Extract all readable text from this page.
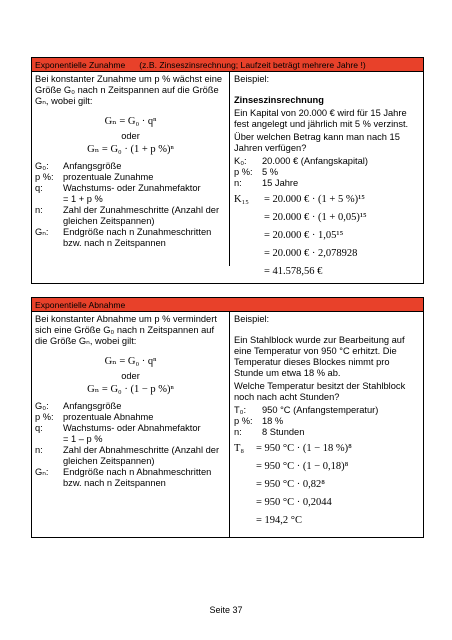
Exponentielle Zunahme (z.B. Zinseszinsrechnung; Laufzeit beträgt mehrere Jahre !)

Bei konstanter Zunahme um p % wächst eine Größe G₀ nach n Zeitspannen auf die Größe Gₙ, wobei gilt:

Gₙ = G₀ · qⁿ
oder
Gₙ = G₀ · (1 + p %)ⁿ
G₀:	Anfangsgröße
p %:	prozentuale Zunahme
q:	Wachstums- oder Zunahmefaktor
= 1 + p %
n:	Zahl der Zunahmeschritte (Anzahl der gleichen Zeitspannen)
Gₙ:	Endgröße nach n Zunahmeschritten bzw. nach n Zeitspannen

Beispiel:

Zinseszinsrechnung

Ein Kapital von 20.000 € wird für 15 Jahre fest angelegt und jährlich mit 5 % verzinst.

Über welchen Betrag kann man nach 15 Jahren verfügen?

K₀:	20.000 € (Anfangskapital)
p %:	5 %
n:	15 Jahre
K₁₅	= 20.000 € · (1 + 5 %)¹⁵
= 20.000 € · (1 + 0,05)¹⁵
= 20.000 € · 1,05¹⁵
= 20.000 € · 2,078928
= 41.578,56 €
Exponentielle Abnahme

Bei konstanter Abnahme um p % vermindert sich eine Größe G₀ nach n Zeitspannen auf die Größe Gₙ, wobei gilt:

Gₙ = G₀ · qⁿ
oder
Gₙ = G₀ · (1 − p %)ⁿ
G₀:	Anfangsgröße
p %:	prozentuale Abnahme
q:	Wachstums- oder Abnahmefaktor
= 1 – p %
n:	Zahl der Abnahmeschritte (Anzahl der gleichen Zeitspannen)
Gₙ:	Endgröße nach n Abnahmeschritten bzw. nach n Zeitspannen

Beispiel:

Ein Stahlblock wurde zur Bearbeitung auf eine Temperatur von 950 °C erhitzt. Die Temperatur dieses Blockes nimmt pro Stunde um etwa 18 % ab.

Welche Temperatur besitzt der Stahlblock noch nach acht Stunden?

T₀:	950 °C (Anfangstemperatur)
p %:	18 %
n:	8 Stunden
T₈	= 950 °C · (1 − 18 %)⁸
= 950 °C · (1 − 0,18)⁸
= 950 °C · 0,82⁸
= 950 °C · 0,2044
= 194,2 °C
Seite 37
